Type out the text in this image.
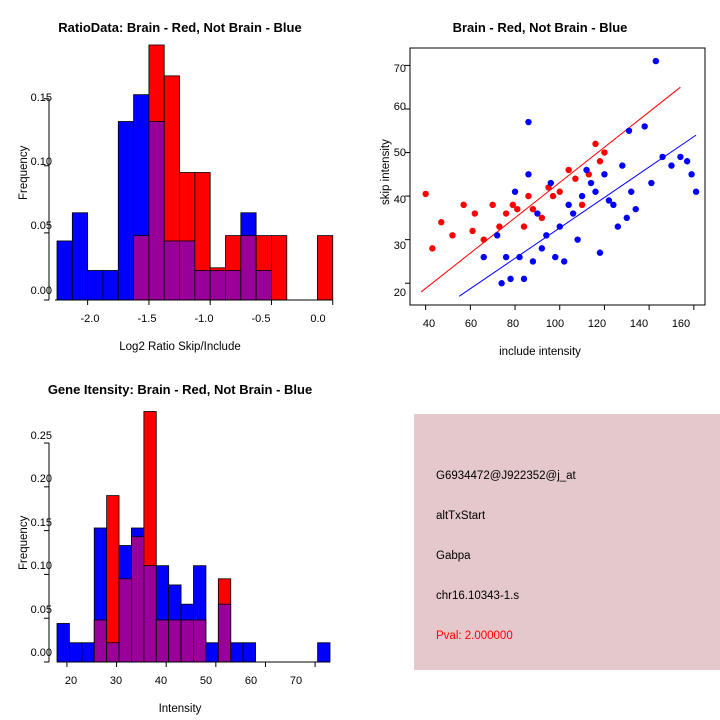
RatioData: Brain - Red, Not Brain - Blue
Log2 Ratio Skip/Include
Frequency
0.00
0.05
0.10
0.15
-2.0	-1.5	-1.0	-0.5	0.0
Brain - Red, Not Brain - Blue
include intensity
skip intensity
20
30
40
50
60
70
40	60	80	100 120 140 160
Gene Itensity: Brain - Red, Not Brain - Blue
Intensity
Frequency
0.00
0.05
0.10
0.15
0.20
0.25
20	30	40	50	60	70
G6934472@J922352@j_at
altTxStart
Gabpa
chr16.10343-1.s
Pval: 2.000000
